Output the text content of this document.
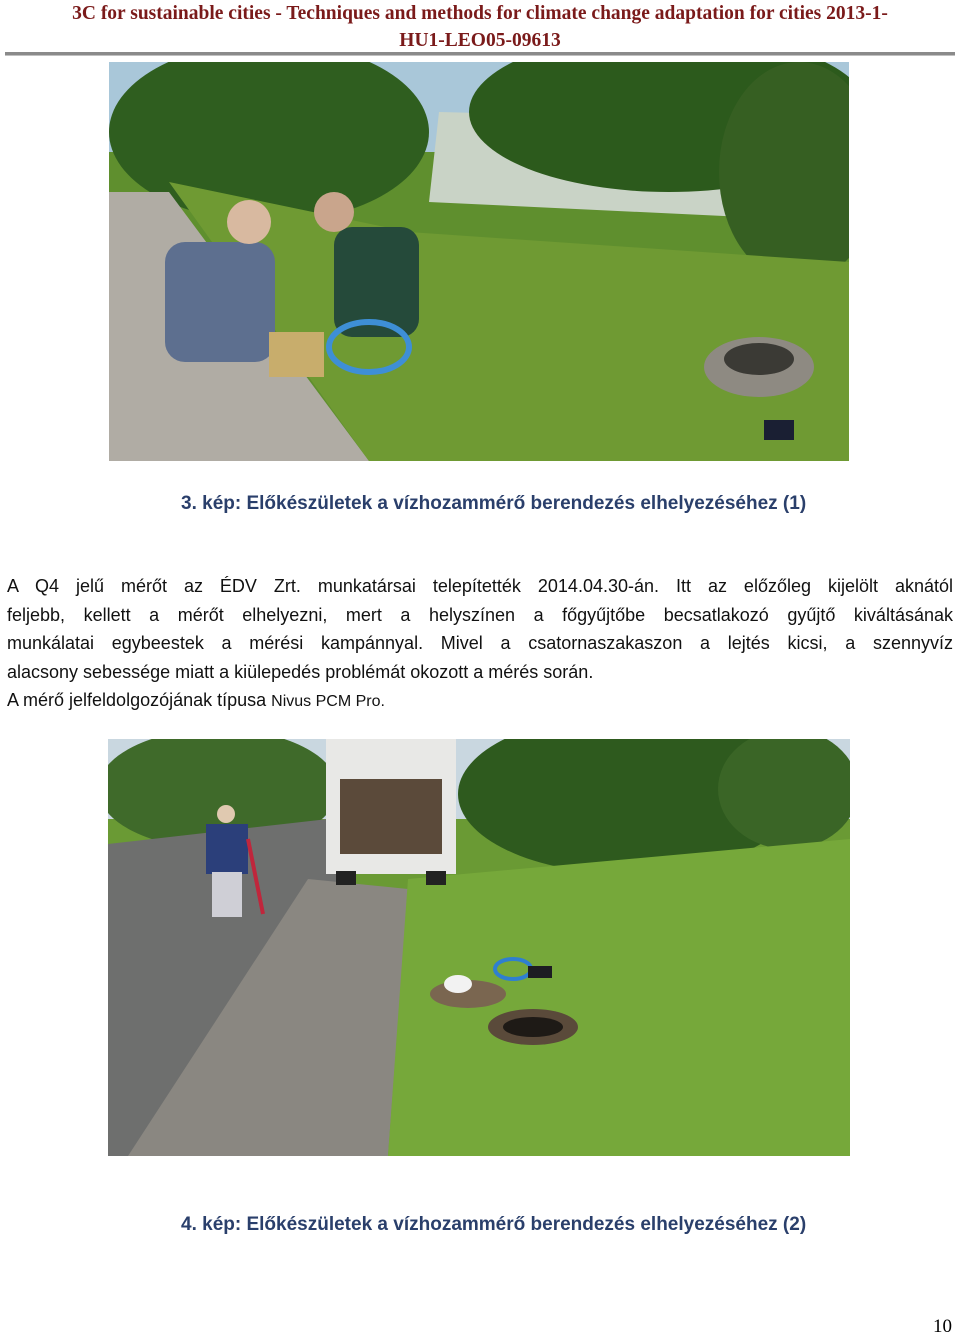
3C for sustainable cities - Techniques and methods for climate change adaptation for cities 2013-1-
HU1-LEO05-09613
3. kép: Előkészületek a vízhozammérő berendezés elhelyezéséhez (1)

A Q4 jelű mérőt az ÉDV Zrt. munkatársai telepítették 2014.04.30-án. Itt az előzőleg kijelölt aknától

feljebb, kellett a mérőt elhelyezni, mert a helyszínen a főgyűjtőbe becsatlakozó gyűjtő kiváltásának

munkálatai egybeestek a mérési kampánnyal. Mivel a csatornaszakaszon a lejtés kicsi, a szennyvíz

alacsony sebessége miatt a kiülepedés problémát okozott a mérés során.

A mérő jelfeldolgozójának típusa Nivus PCM Pro.

4. kép: Előkészületek a vízhozammérő berendezés elhelyezéséhez (2)
10
